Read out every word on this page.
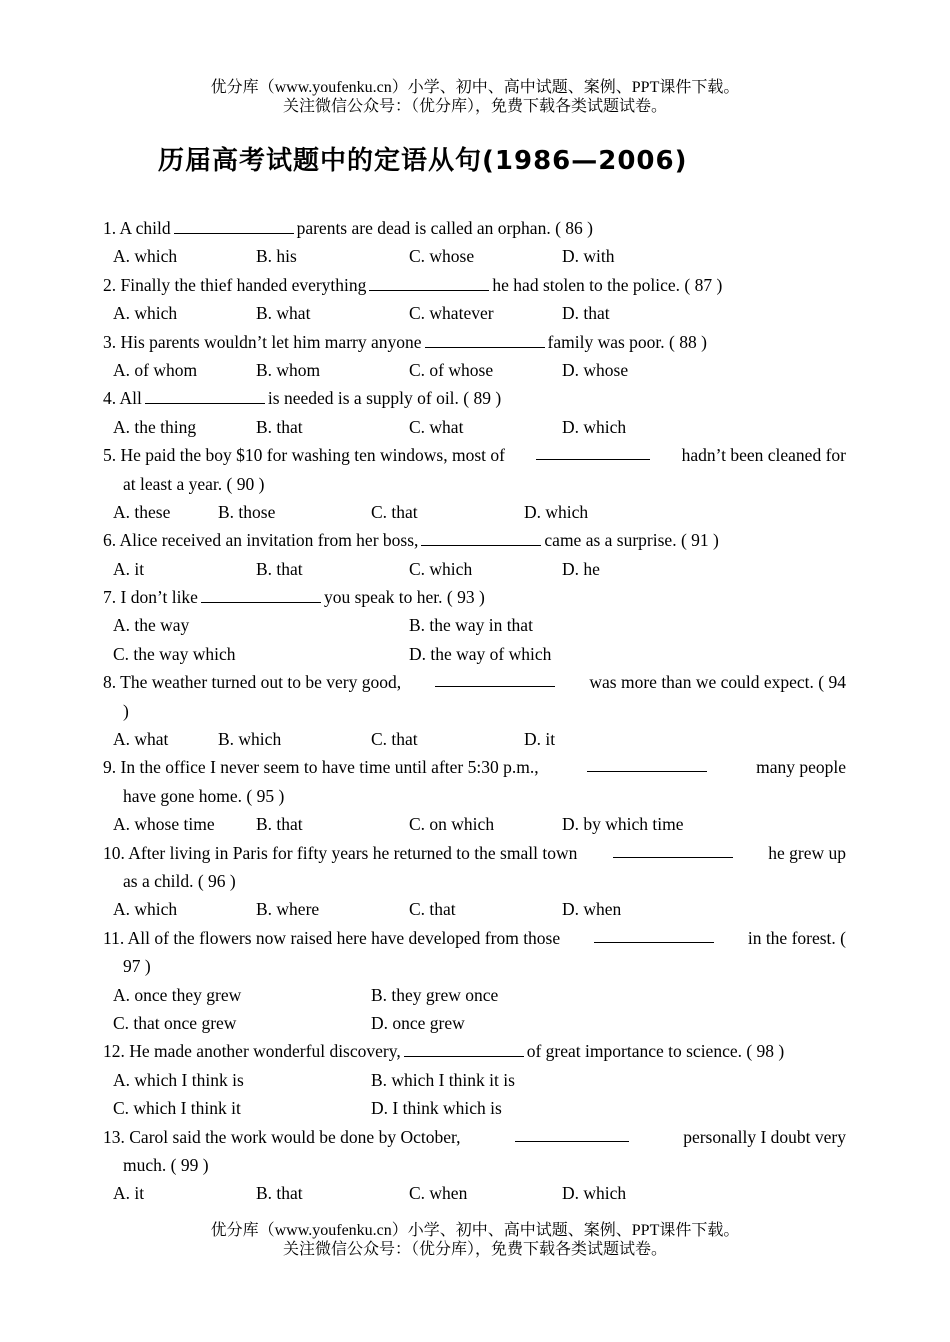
优分库（www.youfenku.cn）小学、初中、高中试题、案例、PPT课件下载。
关注微信公众号：（优分库），免费下载各类试题试卷。
历届高考试题中的定语从句(1986—2006)
1. A child	parents are dead is called an orphan. ( 86 )
A. which	B. his	C. whose	D. with
2. Finally the thief handed everything	he had stolen to the police. ( 87 )
A. which	B. what	C. whatever	D. that
3. His parents wouldn’t let him marry anyone	family was poor. ( 88 )
A. of whom	B. whom	C. of whose	D. whose
4. All	is needed is a supply of oil. ( 89 )
A. the thing	B. that	C. what	D. which
5. He paid the boy $10 for washing ten windows, most of	hadn’t been cleaned for
at least a year. ( 90 )
A. these	B. those	C. that	D. which
6. Alice received an invitation from her boss,	came as a surprise. ( 91 )
A. it	B. that	C. which	D. he
7. I don’t like	you speak to her. ( 93 )
A. the way	B. the way in that
C. the way which	D. the way of which
8. The weather turned out to be very good,	was more than we could expect. ( 94
)
A. what	B. which	C. that	D. it
9. In the office I never seem to have time until after 5:30 p.m.,	many people
have gone home. ( 95 )
A. whose time B. that	C. on which	D. by which time
10. After living in Paris for fifty years he returned to the small town	he grew up
as a child. ( 96 )
A. which	B. where	C. that	D. when
11. All of the flowers now raised here have developed from those	in the forest. (
97 )
A. once they grew	B. they grew once
C. that once grew	D. once grew
12. He made another wonderful discovery,	of great importance to science. ( 98 )
A. which I think is	B. which I think it is
C. which I think it	D. I think which is
13. Carol said the work would be done by October,	personally I doubt very
much. ( 99 )
A. it	B. that	C. when	D. which
优分库（www.youfenku.cn）小学、初中、高中试题、案例、PPT课件下载。
关注微信公众号：（优分库），免费下载各类试题试卷。
